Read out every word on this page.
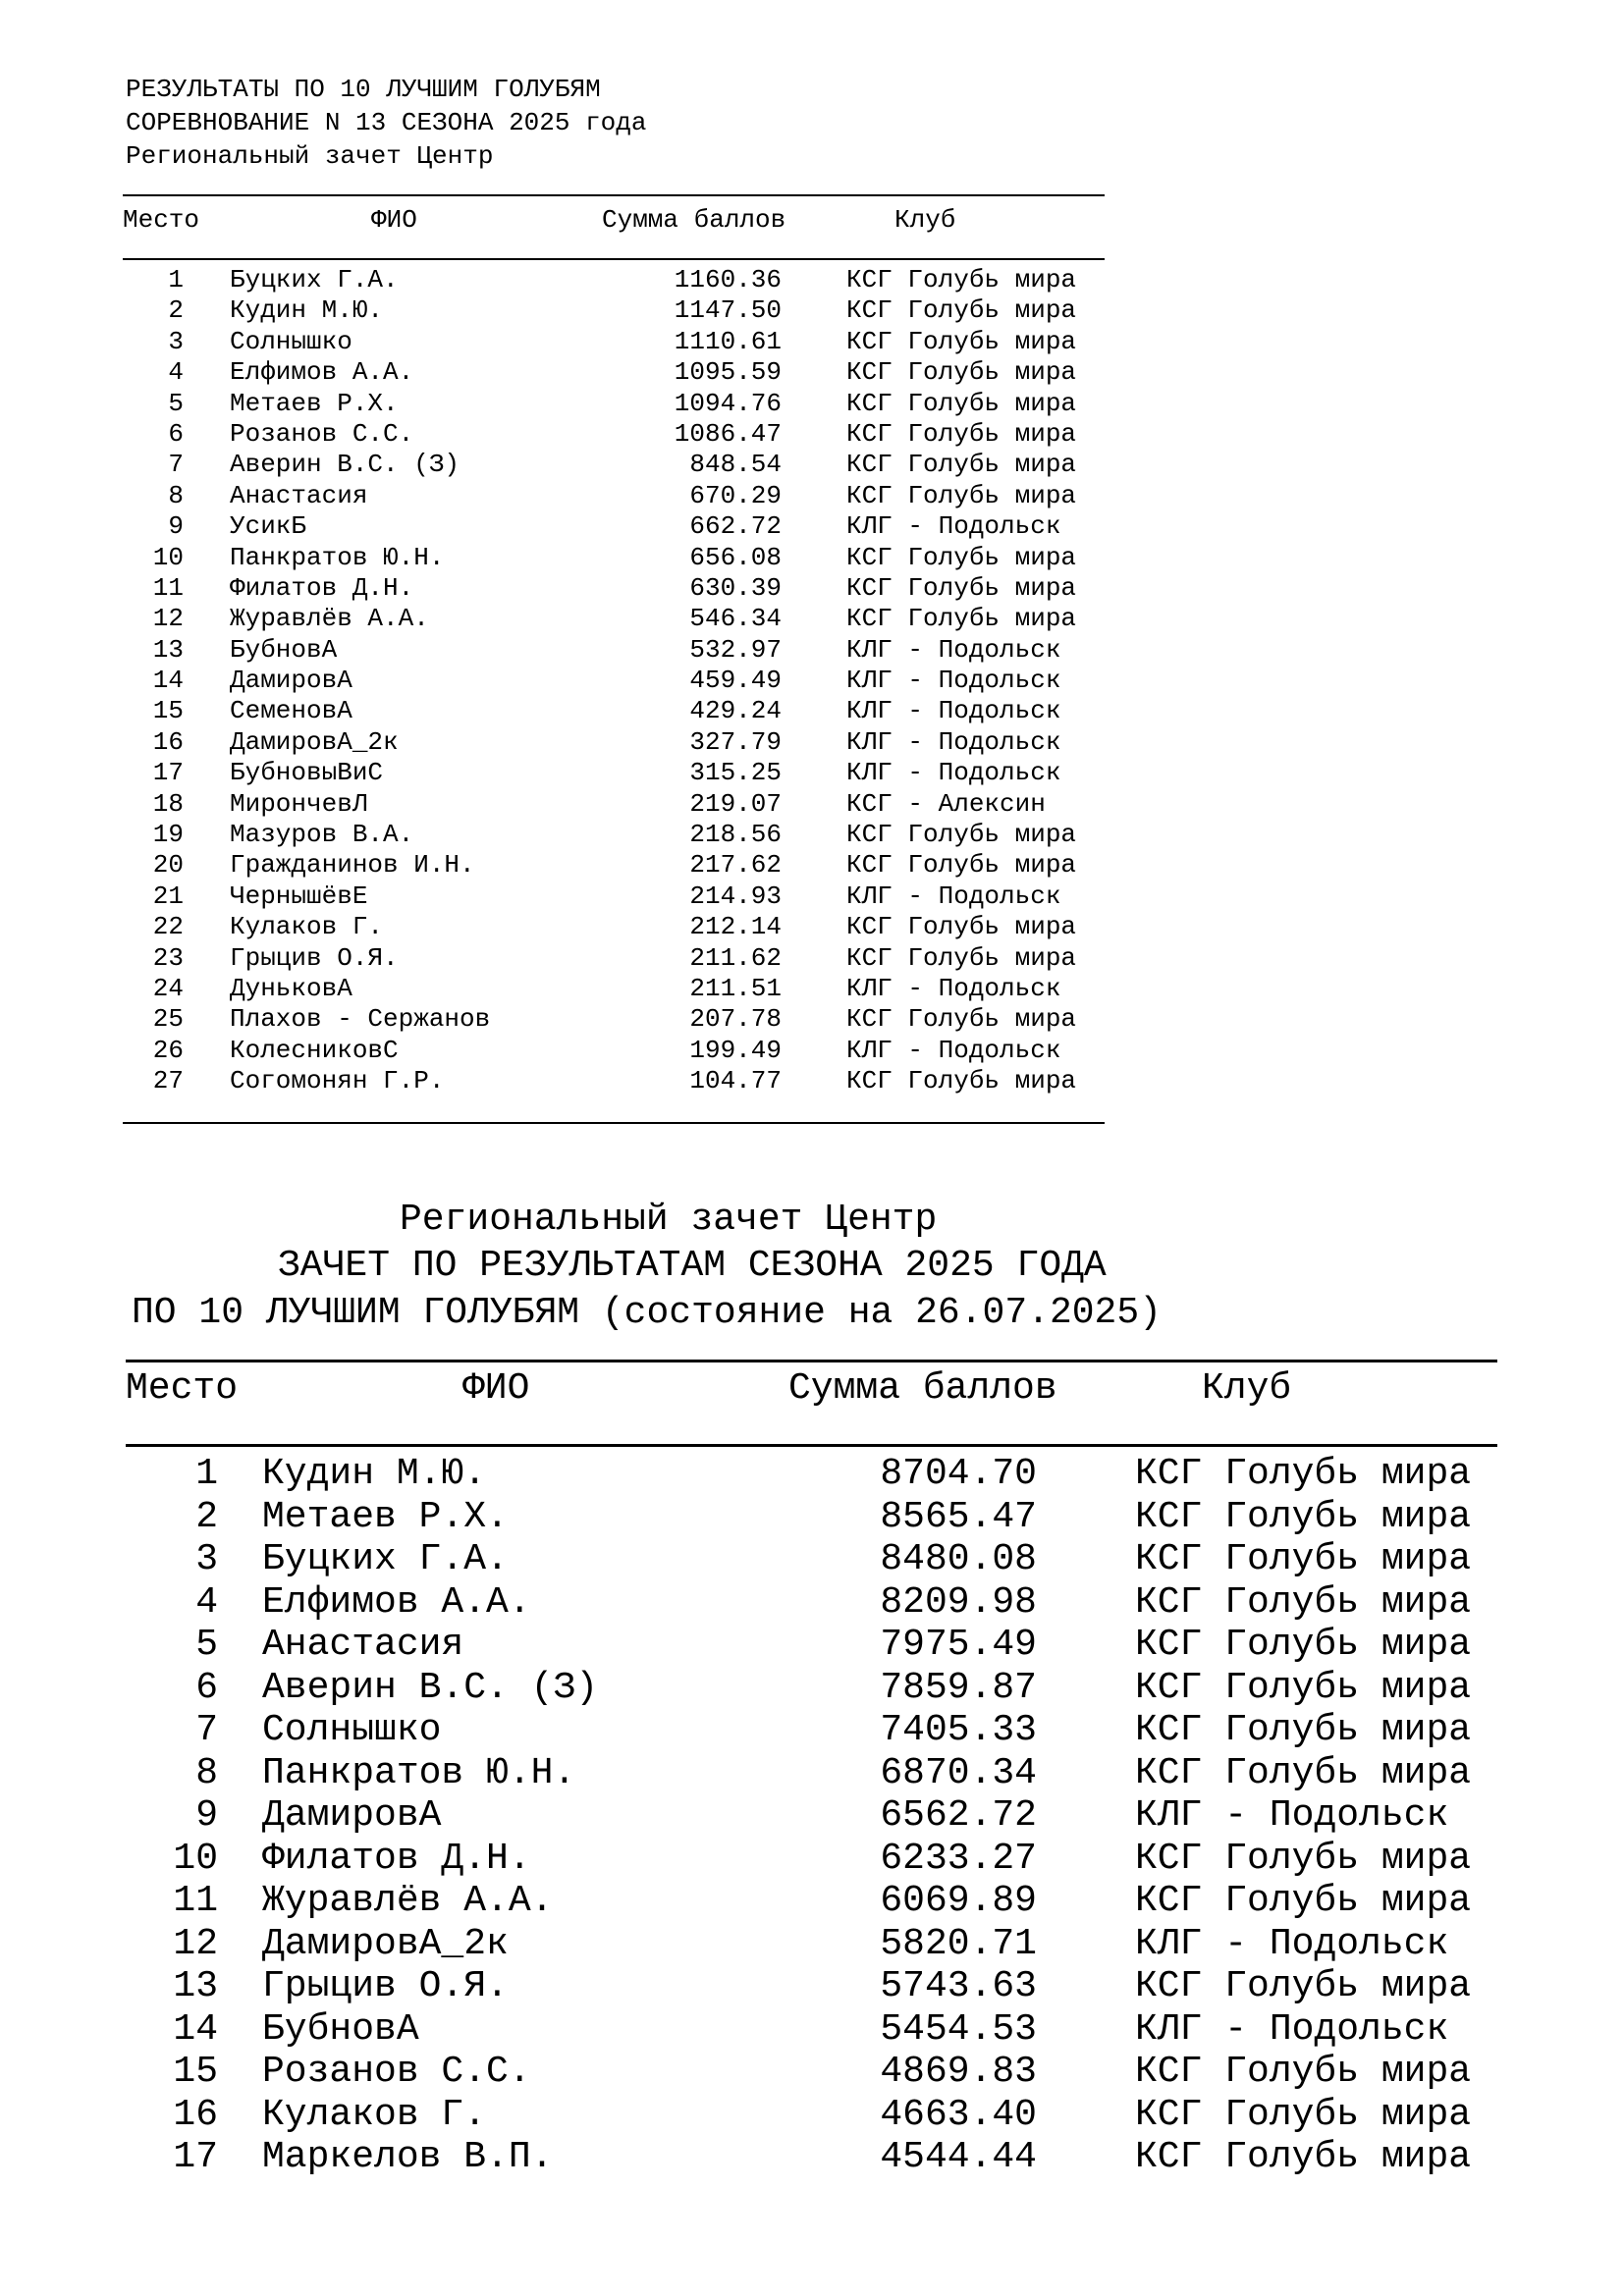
РЕЗУЛЬТАТЫ ПО 10 ЛУЧШИМ ГОЛУБЯМ
СОРЕВНОВАНИЕ N 13 СЕЗОНА 2025 года
Региональный зачет Центр
Место	ФИО	Сумма баллов	Клуб
1 Буцких Г.А.	1160.36	КСГ Голубь мира
2 Кудин М.Ю.	1147.50	КСГ Голубь мира
3 Солнышко	1110.61	КСГ Голубь мира
4 Елфимов А.А.	1095.59	КСГ Голубь мира
5 Метаев Р.Х.	1094.76	КСГ Голубь мира
6 Розанов С.С.	1086.47	КСГ Голубь мира
7 Аверин В.С. (З)	848.54	КСГ Голубь мира
8 Анастасия	670.29	КСГ Голубь мира
9 УсикБ	662.72	КЛГ - Подольск
10 Панкратов Ю.Н.	656.08	КСГ Голубь мира
11 Филатов Д.Н.	630.39	КСГ Голубь мира
12 Журавлёв А.А.	546.34	КСГ Голубь мира
13 БубновА	532.97	КЛГ - Подольск
14 ДамировА	459.49	КЛГ - Подольск
15 СеменовА	429.24	КЛГ - Подольск
16 ДамировА_2к	327.79	КЛГ - Подольск
17 БубновыВиС	315.25	КЛГ - Подольск
18 МирончевЛ	219.07	КСГ - Алексин
19 Мазуров В.А.	218.56	КСГ Голубь мира
20 Гражданинов И.Н.	217.62	КСГ Голубь мира
21 ЧернышёвЕ	214.93	КЛГ - Подольск
22 Кулаков Г.	212.14	КСГ Голубь мира
23 Грыцив О.Я.	211.62	КСГ Голубь мира
24 ДуньковА	211.51	КЛГ - Подольск
25 Плахов - Сержанов	207.78	КСГ Голубь мира
26 КолесниковС	199.49	КЛГ - Подольск
27 Согомонян Г.Р.	104.77	КСГ Голубь мира
Региональный зачет Центр
ЗАЧЕТ ПО РЕЗУЛЬТАТАМ СЕЗОНА 2025 ГОДА
ПО 10 ЛУЧШИМ ГОЛУБЯМ (состояние на 26.07.2025)
Место	ФИО	Сумма баллов	Клуб
1 Кудин М.Ю.	8704.70	КСГ Голубь мира
2 Метаев Р.Х.	8565.47	КСГ Голубь мира
3 Буцких Г.А.	8480.08	КСГ Голубь мира
4 Елфимов А.А.	8209.98	КСГ Голубь мира
5 Анастасия	7975.49	КСГ Голубь мира
6 Аверин В.С. (З)	7859.87	КСГ Голубь мира
7 Солнышко	7405.33	КСГ Голубь мира
8 Панкратов Ю.Н.	6870.34	КСГ Голубь мира
9 ДамировА	6562.72	КЛГ - Подольск
10 Филатов Д.Н.	6233.27	КСГ Голубь мира
11 Журавлёв А.А.	6069.89	КСГ Голубь мира
12 ДамировА_2к	5820.71	КЛГ - Подольск
13 Грыцив О.Я.	5743.63	КСГ Голубь мира
14 БубновА	5454.53	КЛГ - Подольск
15 Розанов С.С.	4869.83	КСГ Голубь мира
16 Кулаков Г.	4663.40	КСГ Голубь мира
17 Маркелов В.П.	4544.44	КСГ Голубь мира
